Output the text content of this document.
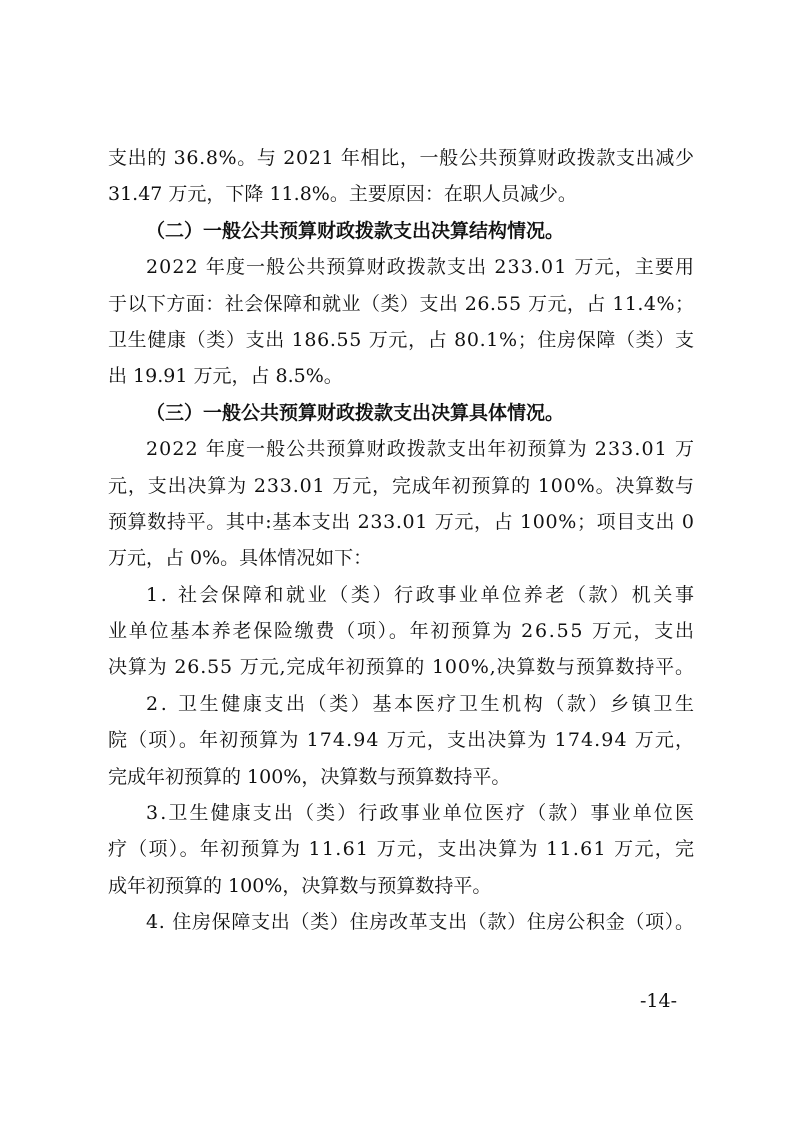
支出的 36.8%。与 2021 年相比，一般公共预算财政拨款支出减少
31.47 万元，下降 11.8%。主要原因：在职人员减少。
（二）一般公共预算财政拨款支出决算结构情况。
2022 年度一般公共预算财政拨款支出 233.01 万元，主要用
于以下方面：社会保障和就业（类）支出 26.55 万元，占 11.4%；
卫生健康（类）支出 186.55 万元，占 80.1%；住房保障（类）支
出 19.91 万元，占 8.5%。
（三）一般公共预算财政拨款支出决算具体情况。
2022 年度一般公共预算财政拨款支出年初预算为 233.01 万
元，支出决算为 233.01 万元，完成年初预算的 100%。决算数与
预算数持平。其中:基本支出 233.01 万元，占 100%；项目支出 0
万元，占 0%。具体情况如下：
1. 社会保障和就业（类）行政事业单位养老（款）机关事
业单位基本养老保险缴费（项）。年初预算为 26.55 万元，支出
决算为 26.55 万元,完成年初预算的 100%,决算数与预算数持平。
2. 卫生健康支出（类）基本医疗卫生机构（款）乡镇卫生
院（项）。年初预算为 174.94 万元，支出决算为 174.94 万元，
完成年初预算的 100%，决算数与预算数持平。
3.卫生健康支出（类）行政事业单位医疗（款）事业单位医
疗（项）。年初预算为 11.61 万元，支出决算为 11.61 万元，完
成年初预算的 100%，决算数与预算数持平。
4. 住房保障支出（类）住房改革支出（款）住房公积金（项）。
-14-
